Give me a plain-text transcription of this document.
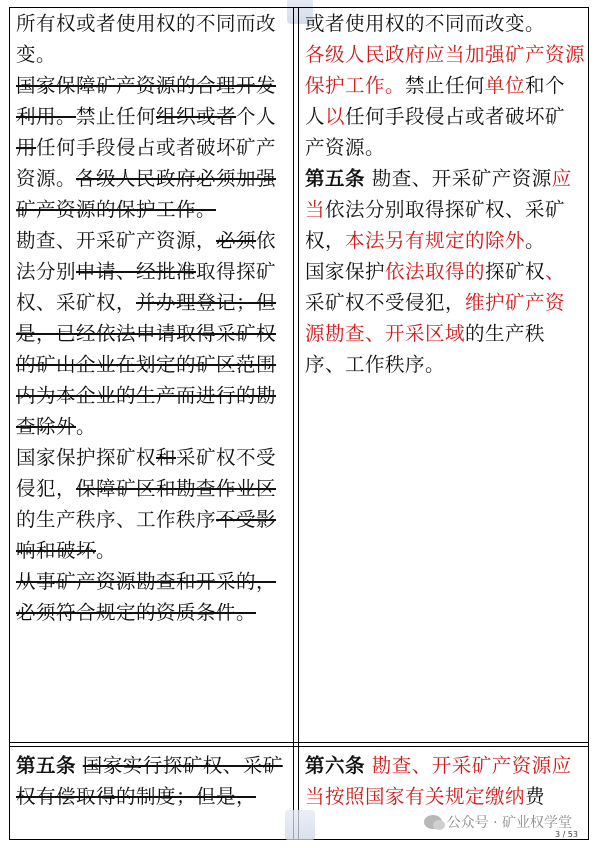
所有权或者使用权的不同而改变。

国家保障矿产资源的合理开发利用。禁止任何组织或者个人用任何手段侵占或者破坏矿产资源。各级人民政府必须加强矿产资源的保护工作。

勘查、开采矿产资源，必须依法分别申请、经批准取得探矿权、采矿权，并办理登记；但是，已经依法申请取得采矿权的矿山企业在划定的矿区范围内为本企业的生产而进行的勘查除外。

国家保护探矿权和采矿权不受侵犯，保障矿区和勘查作业区的生产秩序、工作秩序不受影响和破坏。

从事矿产资源勘查和开采的，必须符合规定的资质条件。

或者使用权的不同而改变。

各级人民政府应当加强矿产资源保护工作。禁止任何单位和个人以任何手段侵占或者破坏矿产资源。

第五条 勘查、开采矿产资源应当依法分别取得探矿权、采矿权，本法另有规定的除外。

国家保护依法取得的探矿权、采矿权不受侵犯，维护矿产资源勘查、开采区域的生产秩序、工作秩序。

第五条 国家实行探矿权、采矿权有偿取得的制度；但是，

第六条 勘查、开采矿产资源应当按照国家有关规定缴纳费

公众号 · 矿业权学堂
3 / 53
